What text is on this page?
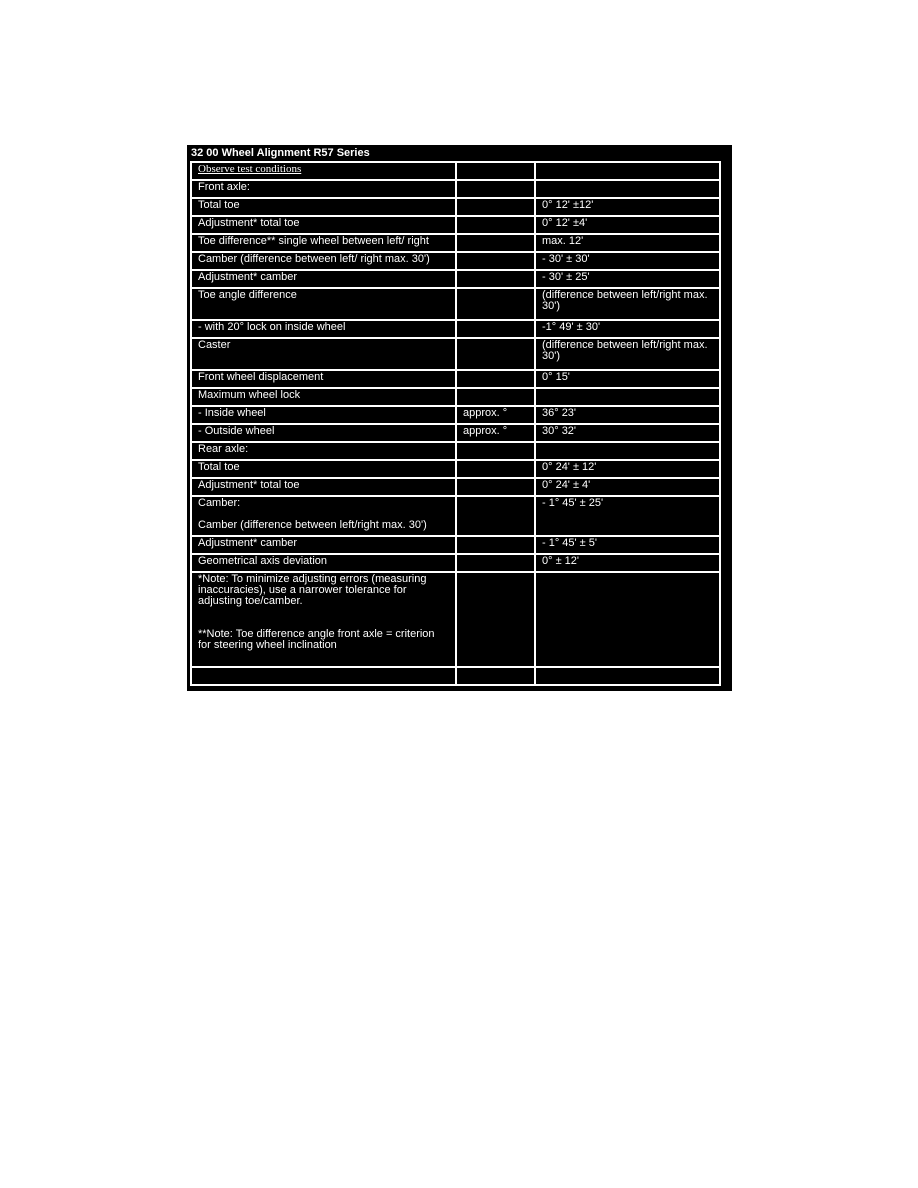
32 00 Wheel Alignment R57 Series
Observe test conditions		
Front axle:		
Total toe		0° 12' ±12'
Adjustment* total toe		0° 12' ±4'
Toe difference** single wheel between left/ right		max. 12'
Camber (difference between left/ right max. 30')		- 30' ± 30'
Adjustment* camber		- 30' ± 25'
Toe angle difference		(difference between left/right max. 30')
- with 20° lock on inside wheel		-1° 49' ± 30'
Caster		(difference between left/right max. 30')
Front wheel displacement		0° 15'
Maximum wheel lock		
- Inside wheel	approx. °	36° 23'
- Outside wheel	approx. °	30° 32'
Rear axle:		
Total toe		0° 24' ± 12'
Adjustment* total toe		0° 24' ± 4'
Camber:

Camber (difference between left/right max. 30')		- 1° 45' ± 25'
Adjustment* camber		- 1° 45' ± 5'
Geometrical axis deviation		0° ± 12'
*Note: To minimize adjusting errors (measuring inaccuracies), use a narrower tolerance for adjusting toe/camber.

**Note: Toe difference angle front axle = criterion for steering wheel inclination		
